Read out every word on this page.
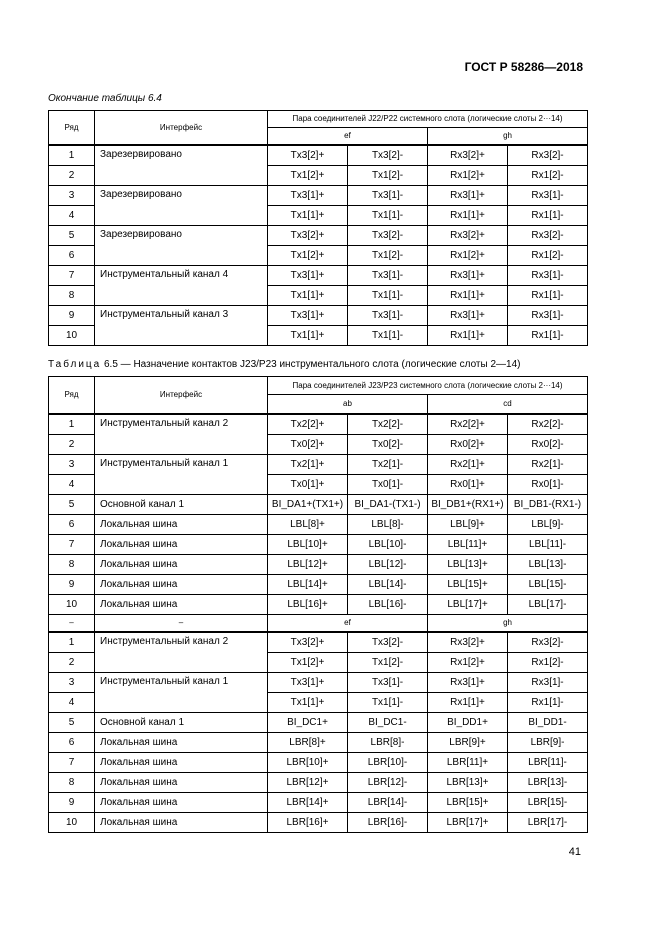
ГОСТ Р 58286—2018
Окончание таблицы 6.4
Ряд	Интерфейс	Пара соединителей J22/P22 системного слота (логические слоты 2···14)			
		ef		gh	
1	Зарезервировано	Tx3[2]+	Tx3[2]-	Rx3[2]+	Rx3[2]-
2		Tx1[2]+	Tx1[2]-	Rx1[2]+	Rx1[2]-
3	Зарезервировано	Tx3[1]+	Tx3[1]-	Rx3[1]+	Rx3[1]-
4		Tx1[1]+	Tx1[1]-	Rx1[1]+	Rx1[1]-
5	Зарезервировано	Tx3[2]+	Tx3[2]-	Rx3[2]+	Rx3[2]-
6		Tx1[2]+	Tx1[2]-	Rx1[2]+	Rx1[2]-
7	Инструментальный канал 4	Tx3[1]+	Tx3[1]-	Rx3[1]+	Rx3[1]-
8		Tx1[1]+	Tx1[1]-	Rx1[1]+	Rx1[1]-
9	Инструментальный канал 3	Tx3[1]+	Tx3[1]-	Rx3[1]+	Rx3[1]-
10		Tx1[1]+	Tx1[1]-	Rx1[1]+	Rx1[1]-
Таблица 6.5 — Назначение контактов J23/P23 инструментального слота (логические слоты 2—14)
Ряд	Интерфейс	Пара соединителей J23/P23 системного слота (логические слоты 2···14)			
		ab		cd	
1	Инструментальный канал 2	Tx2[2]+	Tx2[2]-	Rx2[2]+	Rx2[2]-
2		Tx0[2]+	Tx0[2]-	Rx0[2]+	Rx0[2]-
3	Инструментальный канал 1	Tx2[1]+	Tx2[1]-	Rx2[1]+	Rx2[1]-
4		Tx0[1]+	Tx0[1]-	Rx0[1]+	Rx0[1]-
5	Основной канал 1	BI_DA1+(TX1+)	BI_DA1-(TX1-)	BI_DB1+(RX1+)	BI_DB1-(RX1-)
6	Локальная шина	LBL[8]+	LBL[8]-	LBL[9]+	LBL[9]-
7	Локальная шина	LBL[10]+	LBL[10]-	LBL[11]+	LBL[11]-
8	Локальная шина	LBL[12]+	LBL[12]-	LBL[13]+	LBL[13]-
9	Локальная шина	LBL[14]+	LBL[14]-	LBL[15]+	LBL[15]-
10	Локальная шина	LBL[16]+	LBL[16]-	LBL[17]+	LBL[17]-
–	–	ef		gh	
1	Инструментальный канал 2	Tx3[2]+	Tx3[2]-	Rx3[2]+	Rx3[2]-
2		Tx1[2]+	Tx1[2]-	Rx1[2]+	Rx1[2]-
3	Инструментальный канал 1	Tx3[1]+	Tx3[1]-	Rx3[1]+	Rx3[1]-
4		Tx1[1]+	Tx1[1]-	Rx1[1]+	Rx1[1]-
5	Основной канал 1	BI_DC1+	BI_DC1-	BI_DD1+	BI_DD1-
6	Локальная шина	LBR[8]+	LBR[8]-	LBR[9]+	LBR[9]-
7	Локальная шина	LBR[10]+	LBR[10]-	LBR[11]+	LBR[11]-
8	Локальная шина	LBR[12]+	LBR[12]-	LBR[13]+	LBR[13]-
9	Локальная шина	LBR[14]+	LBR[14]-	LBR[15]+	LBR[15]-
10	Локальная шина	LBR[16]+	LBR[16]-	LBR[17]+	LBR[17]-
41
